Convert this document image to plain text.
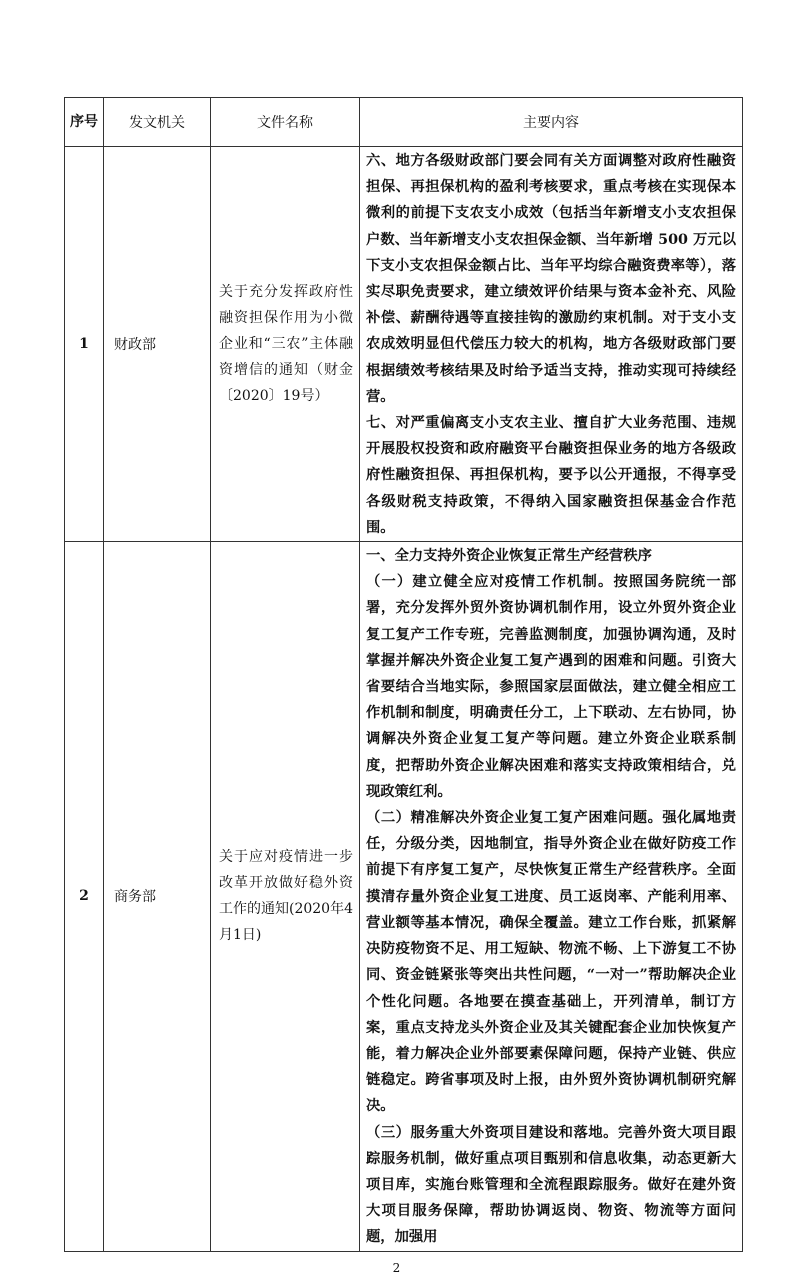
序号	发文机关	文件名称	主要内容
1	财政部	关于充分发挥政府性融资担保作用为小微企业和“三农”主体融资增信的通知（财金〔2020〕19号）	六、地方各级财政部门要会同有关方面调整对政府性融资担保、再担保机构的盈利考核要求，重点考核在实现保本微利的前提下支农支小成效（包括当年新增支小支农担保户数、当年新增支小支农担保金额、当年新增 500 万元以下支小支农担保金额占比、当年平均综合融资费率等），落实尽职免责要求，建立绩效评价结果与资本金补充、风险补偿、薪酬待遇等直接挂钩的激励约束机制。对于支小支农成效明显但代偿压力较大的机构，地方各级财政部门要根据绩效考核结果及时给予适当支持，推动实现可持续经营。

七、对严重偏离支小支农主业、擅自扩大业务范围、违规开展股权投资和政府融资平台融资担保业务的地方各级政府性融资担保、再担保机构，要予以公开通报，不得享受各级财税支持政策，不得纳入国家融资担保基金合作范围。

2	商务部	关于应对疫情进一步改革开放做好稳外资工作的通知(2020年4月1日)	一、全力支持外资企业恢复正常生产经营秩序

（一）建立健全应对疫情工作机制。按照国务院统一部署，充分发挥外贸外资协调机制作用，设立外贸外资企业复工复产工作专班，完善监测制度，加强协调沟通，及时掌握并解决外资企业复工复产遇到的困难和问题。引资大省要结合当地实际，参照国家层面做法，建立健全相应工作机制和制度，明确责任分工，上下联动、左右协同，协调解决外资企业复工复产等问题。建立外资企业联系制度，把帮助外资企业解决困难和落实支持政策相结合，兑现政策红利。

（二）精准解决外资企业复工复产困难问题。强化属地责任，分级分类，因地制宜，指导外资企业在做好防疫工作前提下有序复工复产，尽快恢复正常生产经营秩序。全面摸清存量外资企业复工进度、员工返岗率、产能利用率、营业额等基本情况，确保全覆盖。建立工作台账，抓紧解决防疫物资不足、用工短缺、物流不畅、上下游复工不协同、资金链紧张等突出共性问题，“一对一”帮助解决企业个性化问题。各地要在摸查基础上，开列清单，制订方案，重点支持龙头外资企业及其关键配套企业加快恢复产能，着力解决企业外部要素保障问题，保持产业链、供应链稳定。跨省事项及时上报，由外贸外资协调机制研究解决。

（三）服务重大外资项目建设和落地。完善外资大项目跟踪服务机制，做好重点项目甄别和信息收集，动态更新大项目库，实施台账管理和全流程跟踪服务。做好在建外资大项目服务保障，帮助协调返岗、物资、物流等方面问题，加强用

2
